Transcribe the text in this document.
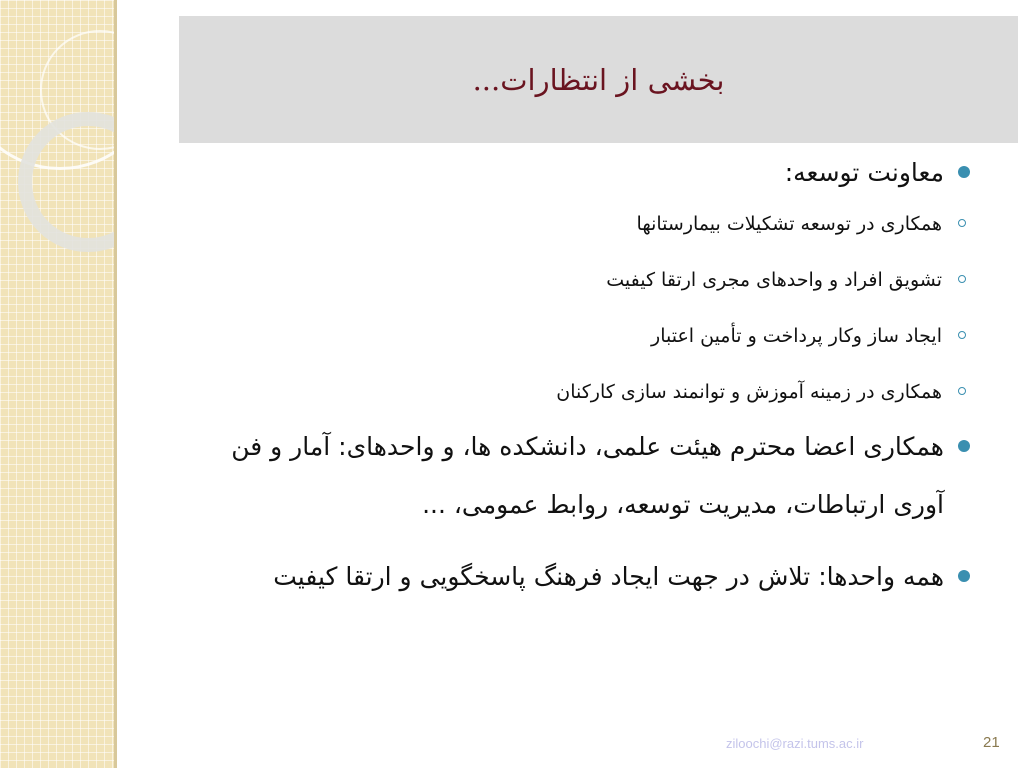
بخشی از انتظارات...
معاونت توسعه:
همکاری در توسعه تشکیلات بیمارستانها
تشویق افراد و واحدهای مجری ارتقا کیفیت
ایجاد ساز وکار پرداخت و تأمین اعتبار
همکاری در زمینه آموزش و توانمند سازی کارکنان
همکاری اعضا محترم هیئت علمی، دانشکده ها، و واحدهای: آمار و فن آوری ارتباطات، مدیریت توسعه، روابط عمومی، ...
همه واحدها: تلاش در جهت ایجاد فرهنگ پاسخگویی و ارتقا کیفیت
ziloochi@razi.tums.ac.ir	21
